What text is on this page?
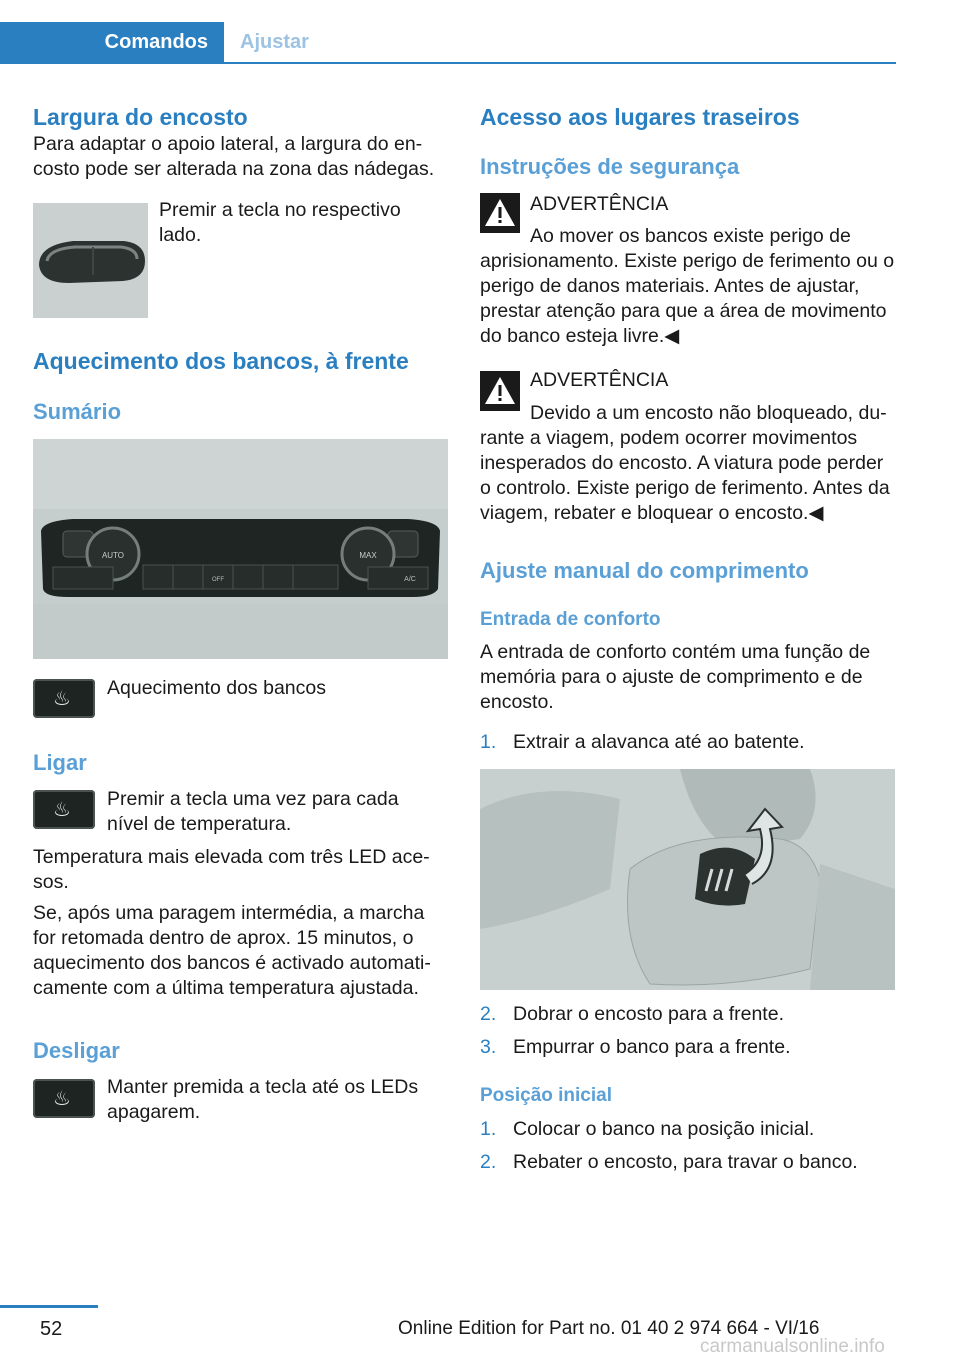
Comandos	Ajustar
Largura do encosto

Para adaptar o apoio lateral, a largura do en‐

costo pode ser alterada na zona das nádegas.

Premir a tecla no respectivo lado.

Aquecimento dos bancos, à frente
Sumário
AUTO	MAX
OFF	A/C
♨ Aquecimento dos bancos

Ligar
♨ Premir a tecla uma vez para cada nível de temperatura.

Temperatura mais elevada com três LED ace-sos.

Se, após uma paragem intermédia, a marcha for retomada dentro de aprox. 15 minutos, o aquecimento dos bancos é activado automati-camente com a última temperatura ajustada.

Desligar
♨ Manter premida a tecla até os LEDs apagarem.

Acesso aos lugares traseiros
Instruções de segurança

ADVERTÊNCIA

Ao mover os bancos existe perigo de aprisionamento. Existe perigo de ferimento ou o perigo de danos materiais. Antes de ajustar, prestar atenção para que a área de movimento do banco esteja livre.◀

ADVERTÊNCIA

Devido a um encosto não bloqueado, du-rante a viagem, podem ocorrer movimentos inesperados do encosto. A viatura pode perder o controlo. Existe perigo de ferimento. Antes da viagem, rebater e bloquear o encosto.◀

Ajuste manual do comprimento
Entrada de conforto

A entrada de conforto contém uma função de memória para o ajuste de comprimento e de encosto.

1. Extrair a alavanca até ao batente.

2. Dobrar o encosto para a frente.

3. Empurrar o banco para a frente.

Posição inicial
1. Colocar o banco na posição inicial.

2. Rebater o encosto, para travar o banco.

52	Online Edition for Part no. 01 40 2 974 664 - VI/16
carmanualsonline.info
